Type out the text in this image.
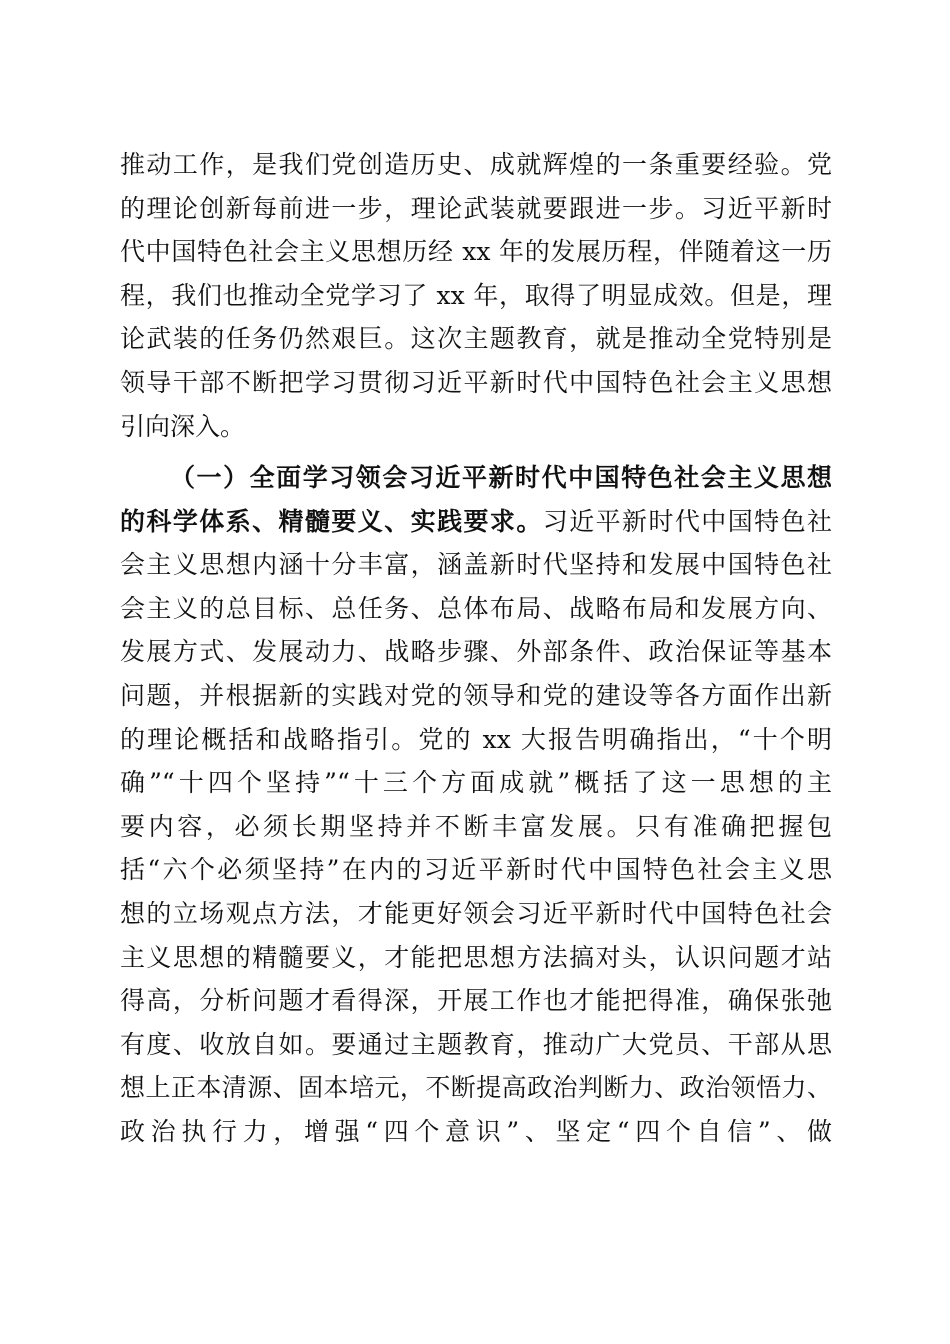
推动工作，是我们党创造历史、成就辉煌的一条重要经验。党
的理论创新每前进一步，理论武装就要跟进一步。习近平新时
代中国特色社会主义思想历经 xx 年的发展历程，伴随着这一历
程，我们也推动全党学习了 xx 年，取得了明显成效。但是，理
论武装的任务仍然艰巨。这次主题教育，就是推动全党特别是
领导干部不断把学习贯彻习近平新时代中国特色社会主义思想
引向深入。
（一）全面学习领会习近平新时代中国特色社会主义思想
的科学体系、精髓要义、实践要求。习近平新时代中国特色社
会主义思想内涵十分丰富，涵盖新时代坚持和发展中国特色社
会主义的总目标、总任务、总体布局、战略布局和发展方向、
发展方式、发展动力、战略步骤、外部条件、政治保证等基本
问题，并根据新的实践对党的领导和党的建设等各方面作出新
的理论概括和战略指引。党的 xx 大报告明确指出，“十个明
确”“十四个坚持”“十三个方面成就”概括了这一思想的主
要内容，必须长期坚持并不断丰富发展。只有准确把握包
括“六个必须坚持”在内的习近平新时代中国特色社会主义思
想的立场观点方法，才能更好领会习近平新时代中国特色社会
主义思想的精髓要义，才能把思想方法搞对头，认识问题才站
得高，分析问题才看得深，开展工作也才能把得准，确保张弛
有度、收放自如。要通过主题教育，推动广大党员、干部从思
想上正本清源、固本培元，不断提高政治判断力、政治领悟力、
政治执行力，增强“四个意识”、坚定“四个自信”、做
